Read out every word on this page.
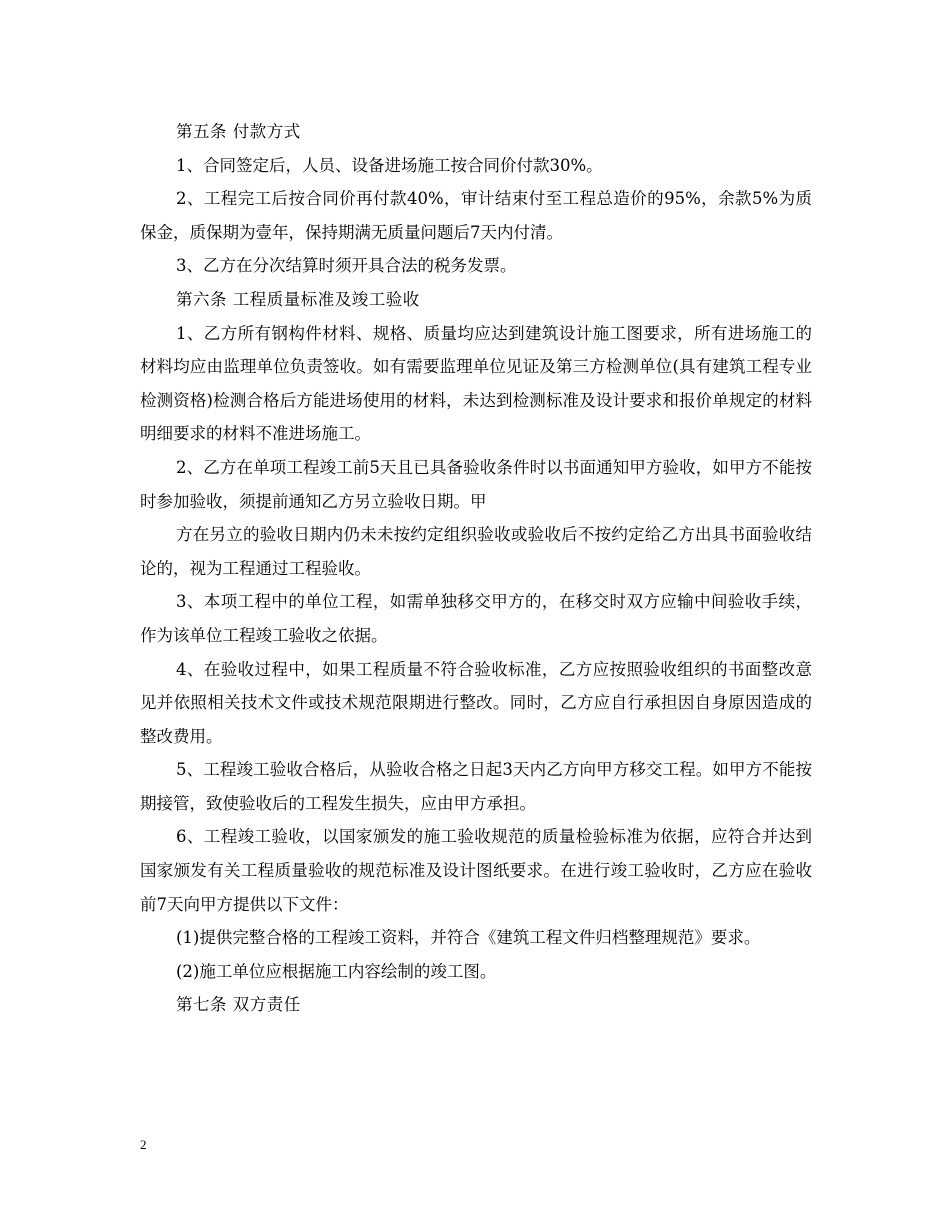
第五条 付款方式

1、合同签定后，人员、设备进场施工按合同价付款30%。

2、工程完工后按合同价再付款40%，审计结束付至工程总造价的95%，余款5%为质保金，质保期为壹年，保持期满无质量问题后7天内付清。

3、乙方在分次结算时须开具合法的税务发票。

第六条 工程质量标准及竣工验收

1、乙方所有钢构件材料、规格、质量均应达到建筑设计施工图要求，所有进场施工的材料均应由监理单位负责签收。如有需要监理单位见证及第三方检测单位(具有建筑工程专业检测资格)检测合格后方能进场使用的材料，未达到检测标准及设计要求和报价单规定的材料明细要求的材料不准进场施工。

2、乙方在单项工程竣工前5天且已具备验收条件时以书面通知甲方验收，如甲方不能按时参加验收，须提前通知乙方另立验收日期。甲

方在另立的验收日期内仍未未按约定组织验收或验收后不按约定给乙方出具书面验收结论的，视为工程通过工程验收。

3、本项工程中的单位工程，如需单独移交甲方的，在移交时双方应输中间验收手续，作为该单位工程竣工验收之依据。

4、在验收过程中，如果工程质量不符合验收标准，乙方应按照验收组织的书面整改意见并依照相关技术文件或技术规范限期进行整改。同时，乙方应自行承担因自身原因造成的整改费用。

5、工程竣工验收合格后，从验收合格之日起3天内乙方向甲方移交工程。如甲方不能按期接管，致使验收后的工程发生损失，应由甲方承担。

6、工程竣工验收，以国家颁发的施工验收规范的质量检验标准为依据，应符合并达到国家颁发有关工程质量验收的规范标准及设计图纸要求。在进行竣工验收时，乙方应在验收前7天向甲方提供以下文件：

(1)提供完整合格的工程竣工资料，并符合《建筑工程文件归档整理规范》要求。

(2)施工单位应根据施工内容绘制的竣工图。

第七条 双方责任

2
